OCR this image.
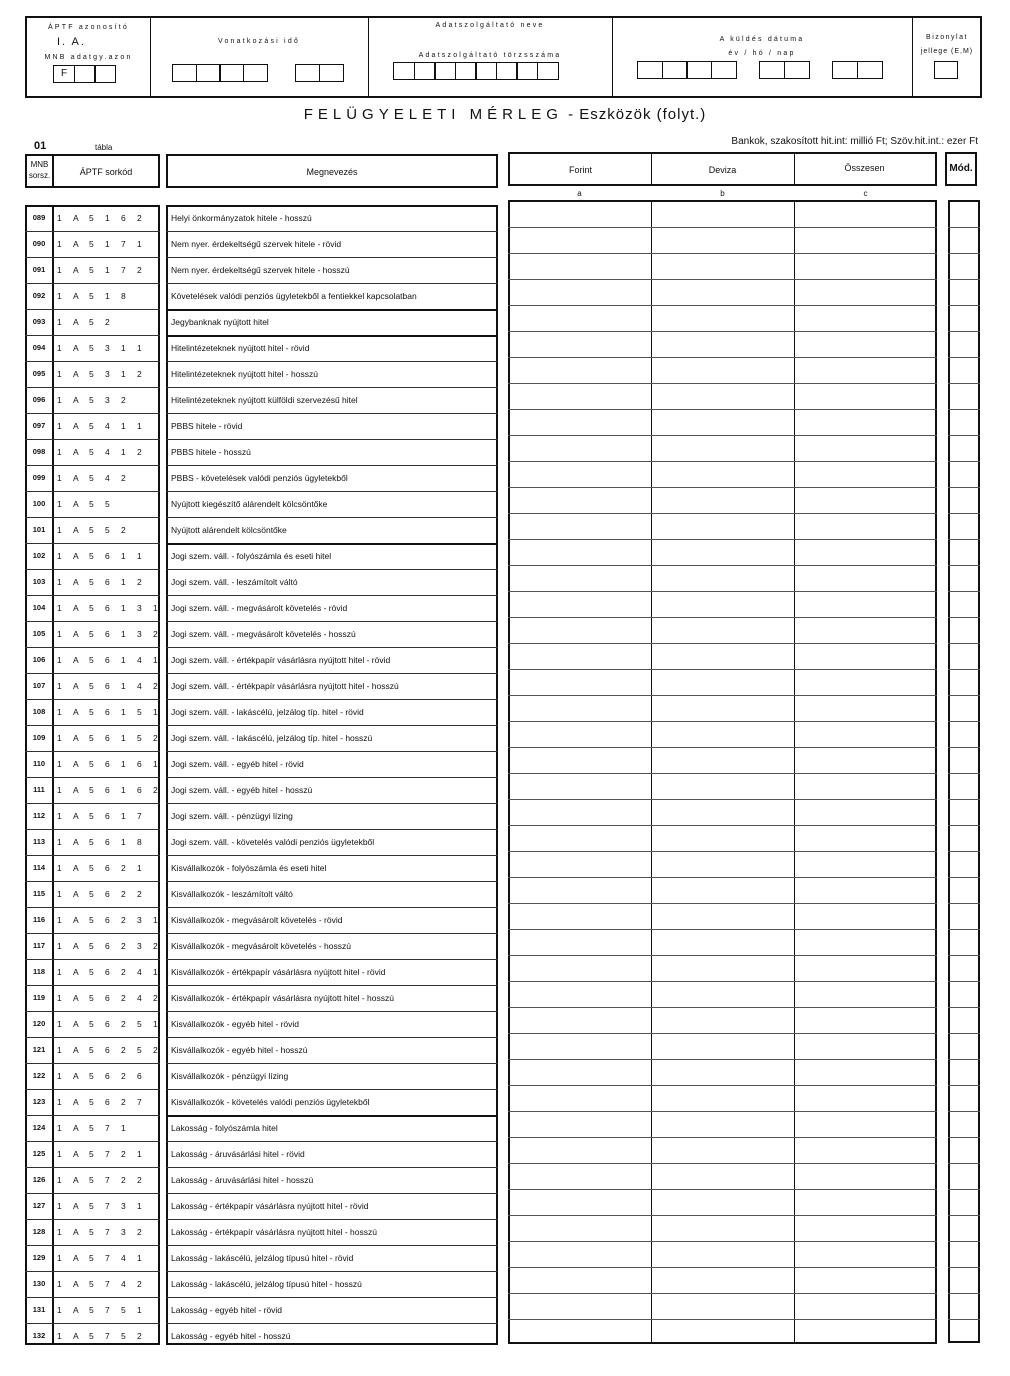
ÁPTF azonosító
I. A.
MNB adatgy.azon
F
Vonatkozási idő
Adatszolgáltató neve
Adatszolgáltató törzsszáma
A küldés dátuma
év / hó / nap
Bizonylat
jellege (E,M)
FELÜGYELETI MÉRLEG - Eszközök (folyt.)
01	tábla
Bankok, szakosított hit.int: millió Ft; Szöv.hit.int.: ezer Ft
MNB sorsz.	ÁPTF sorkód	Megnevezés	Forint	Deviza	Összesen
a	b	c
Mód.
089	1 A 5 1 6 2	Helyi önkormányzatok hitele - hosszú
090	1 A 5 1 7 1	Nem nyer. érdekeltségű szervek hitele - rövid
091	1 A 5 1 7 2	Nem nyer. érdekeltségű szervek hitele - hosszú
092	1 A 5 1 8	Követelések valódi penziós ügyletekből a fentiekkel kapcsolatban
093	1 A 5 2	Jegybanknak nyújtott hitel
094	1 A 5 3 1 1	Hitelintézeteknek nyújtott hitel - rövid
095	1 A 5 3 1 2	Hitelintézeteknek nyújtott hitel - hosszú
096	1 A 5 3 2	Hitelintézeteknek nyújtott külföldi szervezésű hitel
097	1 A 5 4 1 1	PBBS hitele - rövid
098	1 A 5 4 1 2	PBBS hitele - hosszú
099	1 A 5 4 2	PBBS - követelések valódi penziós ügyletekből
100	1 A 5 5	Nyújtott kiegészítő alárendelt kölcsöntőke
101	1 A 5 5 2	Nyújtott alárendelt kölcsöntőke
102	1 A 5 6 1 1	Jogi szem. váll. - folyószámla és eseti hitel
103	1 A 5 6 1 2	Jogi szem. váll. - leszámítolt váltó
104	1 A 5 6 1 3 1 Jogi szem. váll. - megvásárolt követelés - rövid
105	1 A 5 6 1 3 2 Jogi szem. váll. - megvásárolt követelés - hosszú
106	1 A 5 6 1 4 1 Jogi szem. váll. - értékpapír vásárlásra nyújtott hitel - rövid
107	1 A 5 6 1 4 2 Jogi szem. váll. - értékpapír vásárlásra nyújtott hitel - hosszú
108	1 A 5 6 1 5 1 Jogi szem. váll. - lakáscélú, jelzálog típ. hitel - rövid
109	1 A 5 6 1 5 2 Jogi szem. váll. - lakáscélú, jelzálog típ. hitel - hosszú
110	1 A 5 6 1 6 1 Jogi szem. váll. - egyéb hitel - rövid
111	1 A 5 6 1 6 2 Jogi szem. váll. - egyéb hitel - hosszú
112	1 A 5 6 1 7	Jogi szem. váll. - pénzügyi lízing
113	1 A 5 6 1 8	Jogi szem. váll. - követelés valódi penziós ügyletekből
114	1 A 5 6 2 1	Kisvállalkozók - folyószámla és eseti hitel
115	1 A 5 6 2 2	Kisvállalkozók - leszámítolt váltó
116	1 A 5 6 2 3 1 Kisvállalkozók - megvásárolt követelés - rövid
117	1 A 5 6 2 3 2 Kisvállalkozók - megvásárolt követelés - hosszú
118	1 A 5 6 2 4 1 Kisvállalkozók - értékpapír vásárlásra nyújtott hitel - rövid
119	1 A 5 6 2 4 2 Kisvállalkozók - értékpapír vásárlásra nyújtott hitel - hosszú
120	1 A 5 6 2 5 1 Kisvállalkozók - egyéb hitel - rövid
121	1 A 5 6 2 5 2 Kisvállalkozók - egyéb hitel - hosszú
122	1 A 5 6 2 6	Kisvállalkozók - pénzügyi lízing
123	1 A 5 6 2 7	Kisvállalkozók - követelés valódi penziós ügyletekből
124	1 A 5 7 1	Lakosság - folyószámla hitel
125	1 A 5 7 2 1	Lakosság - áruvásárlási hitel - rövid
126	1 A 5 7 2 2	Lakosság - áruvásárlási hitel - hosszú
127	1 A 5 7 3 1	Lakosság - értékpapír vásárlásra nyújtott hitel - rövid
128	1 A 5 7 3 2	Lakosság - értékpapír vásárlásra nyújtott hitel - hosszú
129	1 A 5 7 4 1	Lakosság - lakáscélú, jelzálog típusú hitel - rövid
130	1 A 5 7 4 2	Lakosság - lakáscélú, jelzálog típusú hitel - hosszú
131	1 A 5 7 5 1	Lakosság - egyéb hitel - rövid
132	1 A 5 7 5 2	Lakosság - egyéb hitel - hosszú
